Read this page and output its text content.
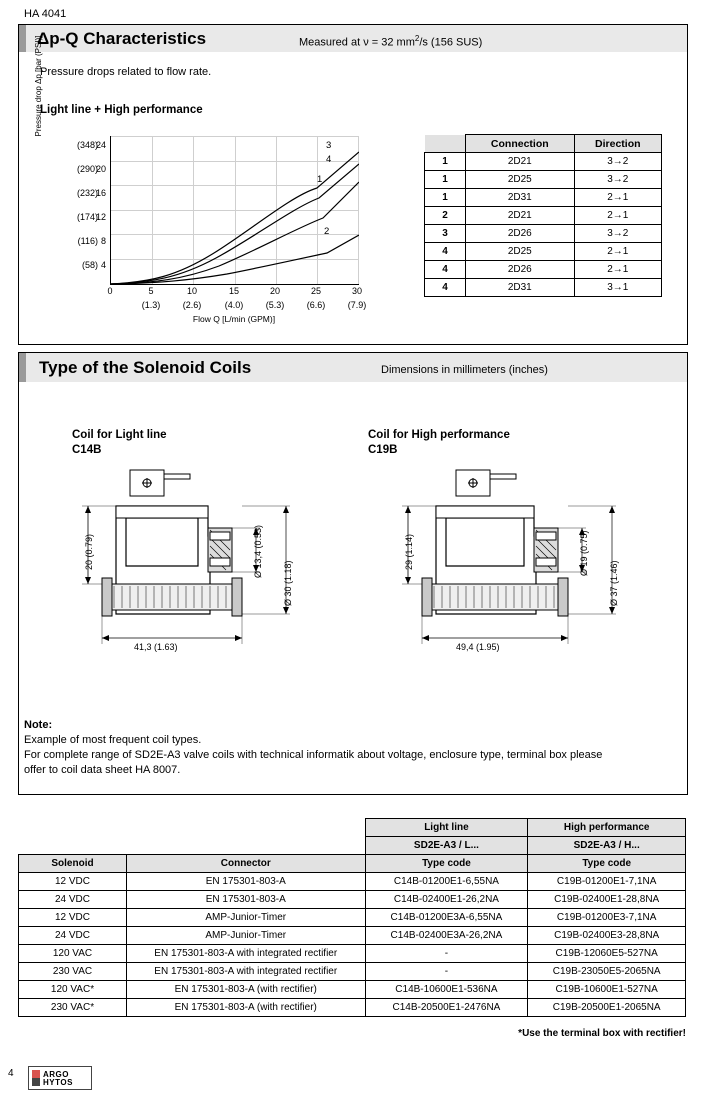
HA 4041
Δp-Q Characteristics	Measured at ν = 32 $mm^2/s$ (156 SUS)
Pressure drops related to flow rate.
Light line + High performance
Pressure drop Δp [bar (PSI)]
(58)
(116)
(174)
(232)
(290)
(348)
4
8
12
16
20
24	3
4
1
2
0	5	10	15	20	25	30
(1.3) (2.6)	(4.0) (5.3) (6.6) (7.9)
Flow Q [L/min (GPM)]
	Connection	Direction
1	2D21	3→2
1	2D25	3→2
1	2D31	2→1
2	2D21	2→1
3	2D26	3→2
4	2D25	2→1
4	2D26	2→1
4	2D31	3→1
Type of the Solenoid Coils	Dimensions in millimeters (inches)
Coil for Light line
C14B
20 (0.79)
41,3 (1.63)
Ø 13,4 (0.53)
Ø 30 (1.18)
Coil for High performance
C19B
29 (1.14)
49,4 (1.95)
Ø 19 (0.75)
Ø 37 (1.46)
Note:
Example of most frequent coil types.
For complete range of SD2E-A3 valve coils with technical informatik about voltage, enclosure type, terminal box please
offer to coil data sheet HA 8007.
		Light line	High performance
		SD2E-A3 / L...	SD2E-A3 / H...
Solenoid	Connector	Type code	Type code
12 VDC	EN 175301-803-A	C14B-01200E1-6,55NA	C19B-01200E1-7,1NA
24 VDC	EN 175301-803-A	C14B-02400E1-26,2NA	C19B-02400E1-28,8NA
12 VDC	AMP-Junior-Timer	C14B-01200E3A-6,55NA	C19B-01200E3-7,1NA
24 VDC	AMP-Junior-Timer	C14B-02400E3A-26,2NA	C19B-02400E3-28,8NA
120 VAC	EN 175301-803-A with integrated rectifier	-	C19B-12060E5-527NA
230 VAC	EN 175301-803-A with integrated rectifier	-	C19B-23050E5-2065NA
120 VAC*	EN 175301-803-A (with rectifier)	C14B-10600E1-536NA	C19B-10600E1-527NA
230 VAC*	EN 175301-803-A (with rectifier)	C14B-20500E1-2476NA	C19B-20500E1-2065NA
*Use the terminal box with rectifier!
4	ARGO
HYTOS
